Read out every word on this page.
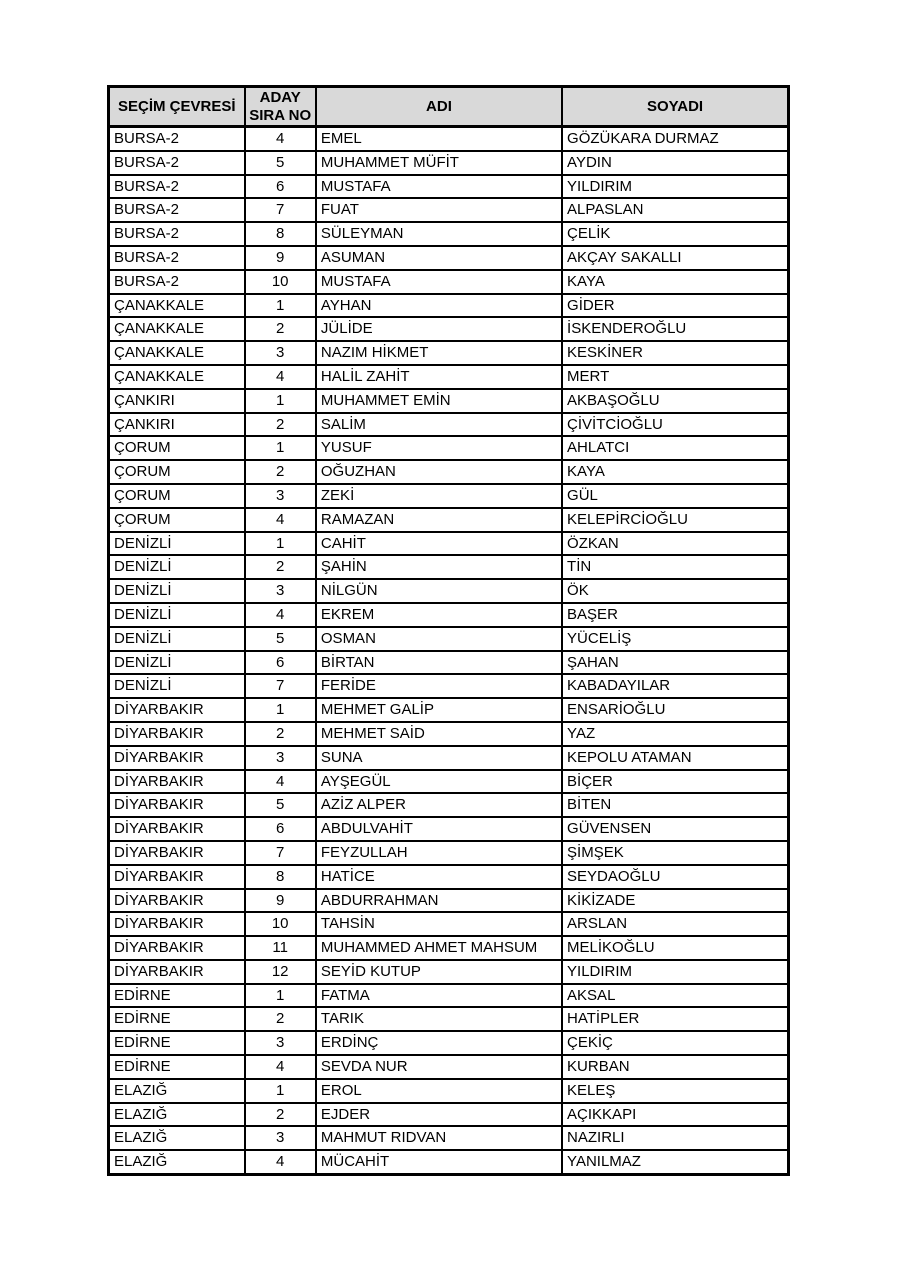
SEÇİM ÇEVRESİ	ADAY SIRA NO	ADI	SOYADI
BURSA-2	4	EMEL	GÖZÜKARA DURMAZ
BURSA-2	5	MUHAMMET MÜFİT	AYDIN
BURSA-2	6	MUSTAFA	YILDIRIM
BURSA-2	7	FUAT	ALPASLAN
BURSA-2	8	SÜLEYMAN	ÇELİK
BURSA-2	9	ASUMAN	AKÇAY SAKALLI
BURSA-2	10	MUSTAFA	KAYA
ÇANAKKALE	1	AYHAN	GİDER
ÇANAKKALE	2	JÜLİDE	İSKENDEROĞLU
ÇANAKKALE	3	NAZIM HİKMET	KESKİNER
ÇANAKKALE	4	HALİL ZAHİT	MERT
ÇANKIRI	1	MUHAMMET EMİN	AKBAŞOĞLU
ÇANKIRI	2	SALİM	ÇİVİTCİOĞLU
ÇORUM	1	YUSUF	AHLATCI
ÇORUM	2	OĞUZHAN	KAYA
ÇORUM	3	ZEKİ	GÜL
ÇORUM	4	RAMAZAN	KELEPİRCİOĞLU
DENİZLİ	1	CAHİT	ÖZKAN
DENİZLİ	2	ŞAHİN	TİN
DENİZLİ	3	NİLGÜN	ÖK
DENİZLİ	4	EKREM	BAŞER
DENİZLİ	5	OSMAN	YÜCELİŞ
DENİZLİ	6	BİRTAN	ŞAHAN
DENİZLİ	7	FERİDE	KABADAYILAR
DİYARBAKIR	1	MEHMET GALİP	ENSARİOĞLU
DİYARBAKIR	2	MEHMET SAİD	YAZ
DİYARBAKIR	3	SUNA	KEPOLU ATAMAN
DİYARBAKIR	4	AYŞEGÜL	BİÇER
DİYARBAKIR	5	AZİZ ALPER	BİTEN
DİYARBAKIR	6	ABDULVAHİT	GÜVENSEN
DİYARBAKIR	7	FEYZULLAH	ŞİMŞEK
DİYARBAKIR	8	HATİCE	SEYDAOĞLU
DİYARBAKIR	9	ABDURRAHMAN	KİKİZADE
DİYARBAKIR	10	TAHSİN	ARSLAN
DİYARBAKIR	11	MUHAMMED AHMET MAHSUM	MELİKOĞLU
DİYARBAKIR	12	SEYİD KUTUP	YILDIRIM
EDİRNE	1	FATMA	AKSAL
EDİRNE	2	TARIK	HATİPLER
EDİRNE	3	ERDİNÇ	ÇEKİÇ
EDİRNE	4	SEVDA NUR	KURBAN
ELAZIĞ	1	EROL	KELEŞ
ELAZIĞ	2	EJDER	AÇIKKAPI
ELAZIĞ	3	MAHMUT RIDVAN	NAZIRLI
ELAZIĞ	4	MÜCAHİT	YANILMAZ
